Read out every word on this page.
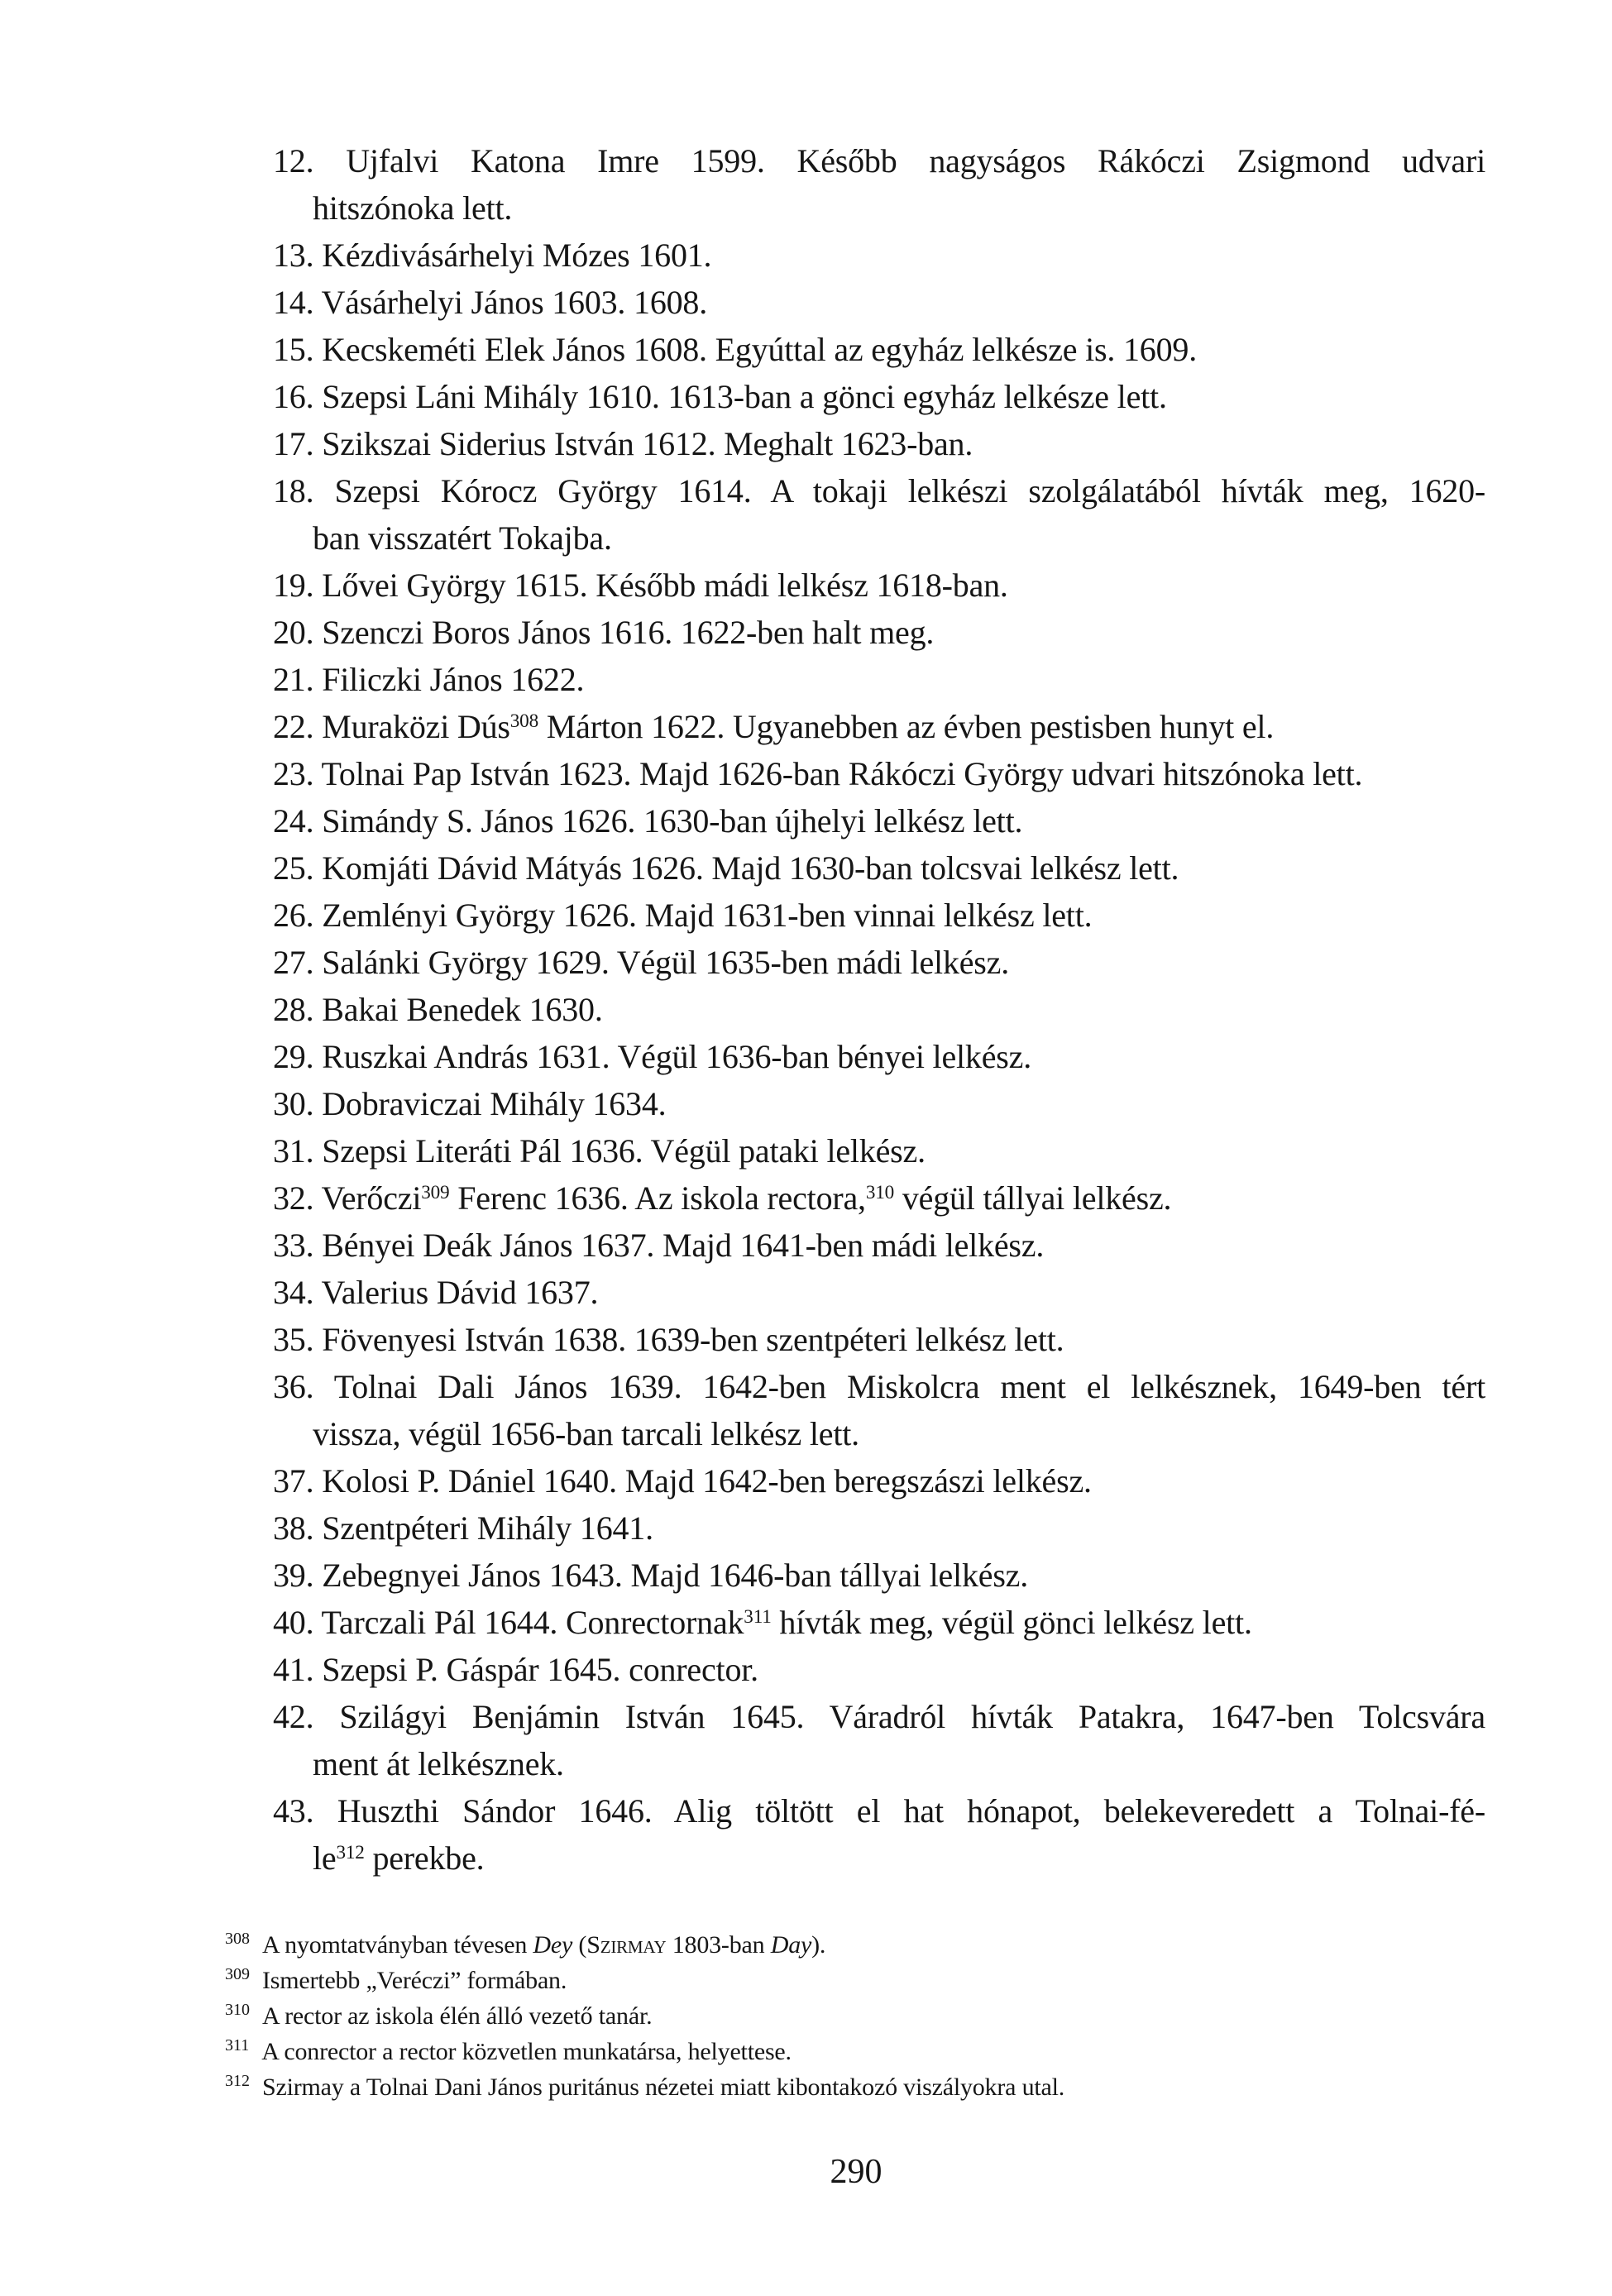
12. Ujfalvi Katona Imre 1599. Később nagyságos Rákóczi Zsigmond udvari
hitszónoka lett.
13. Kézdivásárhelyi Mózes 1601.
14. Vásárhelyi János 1603. 1608.
15. Kecskeméti Elek János 1608. Egyúttal az egyház lelkésze is. 1609.
16. Szepsi Láni Mihály 1610. 1613-ban a gönci egyház lelkésze lett.
17. Szikszai Siderius István 1612. Meghalt 1623-ban.
18. Szepsi Kórocz György 1614. A tokaji lelkészi szolgálatából hívták meg, 1620-
ban visszatért Tokajba.
19. Lővei György 1615. Később mádi lelkész 1618-ban.
20. Szenczi Boros János 1616. 1622-ben halt meg.
21. Filiczki János 1622.
22. Muraközi Dús$^{308}$ Márton 1622. Ugyanebben az évben pestisben hunyt el.
23. Tolnai Pap István 1623. Majd 1626-ban Rákóczi György udvari hitszónoka lett.
24. Simándy S. János 1626. 1630-ban újhelyi lelkész lett.
25. Komjáti Dávid Mátyás 1626. Majd 1630-ban tolcsvai lelkész lett.
26. Zemlényi György 1626. Majd 1631-ben vinnai lelkész lett.
27. Salánki György 1629. Végül 1635-ben mádi lelkész.
28. Bakai Benedek 1630.
29. Ruszkai András 1631. Végül 1636-ban bényei lelkész.
30. Dobraviczai Mihály 1634.
31. Szepsi Literáti Pál 1636. Végül pataki lelkész.
32. Verőczi$^{309}$ Ferenc 1636. Az iskola rectora,$^{310}$ végül tállyai lelkész.
33. Bényei Deák János 1637. Majd 1641-ben mádi lelkész.
34. Valerius Dávid 1637.
35. Fövenyesi István 1638. 1639-ben szentpéteri lelkész lett.
36. Tolnai Dali János 1639. 1642-ben Miskolcra ment el lelkésznek, 1649-ben tért
vissza, végül 1656-ban tarcali lelkész lett.
37. Kolosi P. Dániel 1640. Majd 1642-ben beregszászi lelkész.
38. Szentpéteri Mihály 1641.
39. Zebegnyei János 1643. Majd 1646-ban tállyai lelkész.
40. Tarczali Pál 1644. Conrectornak$^{311}$ hívták meg, végül gönci lelkész lett.
41. Szepsi P. Gáspár 1645. conrector.
42. Szilágyi Benjámin István 1645. Váradról hívták Patakra, 1647-ben Tolcsvára
ment át lelkésznek.
43. Huszthi Sándor 1646. Alig töltött el hat hónapot, belekeveredett a Tolnai-fé-
le$^{312}$ perekbe.
$^{308}$ A nyomtatványban tévesen Dey (Szirmay 1803-ban Day).
$^{309}$ Ismertebb „Veréczi” formában.
$^{310}$ A rector az iskola élén álló vezető tanár.
$^{311}$ A conrector a rector közvetlen munkatársa, helyettese.
$^{312}$ Szirmay a Tolnai Dani János puritánus nézetei miatt kibontakozó viszályokra utal.
290
